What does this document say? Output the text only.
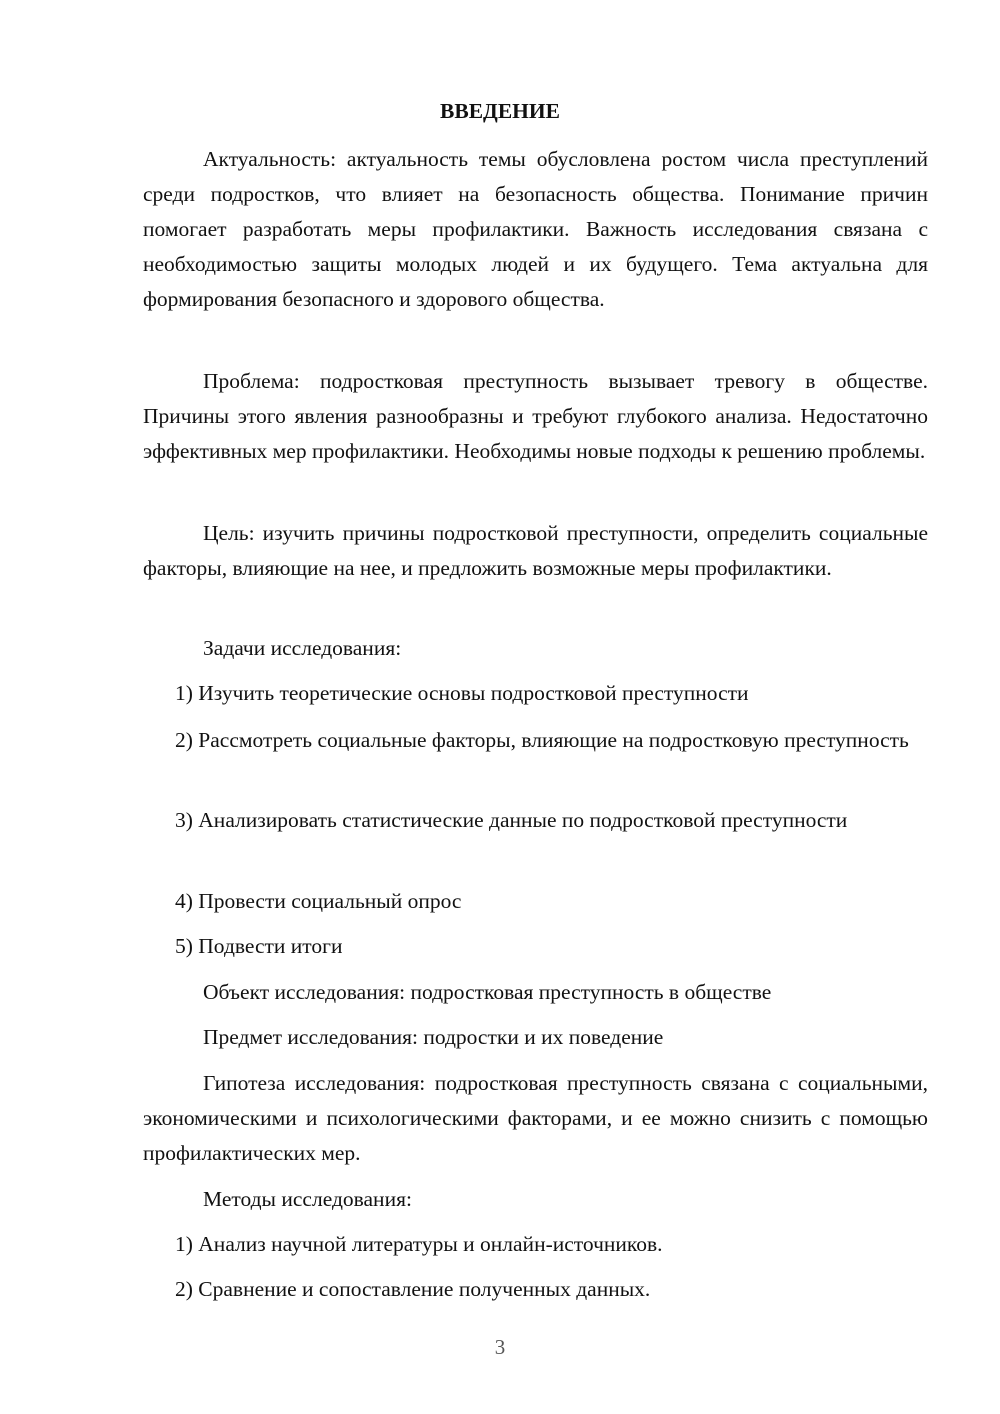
ВВЕДЕНИЕ

Актуальность: актуальность темы обусловлена ростом числа преступлений среди подростков, что влияет на безопасность общества. Понимание причин помогает разработать меры профилактики. Важность исследования связана с необходимостью защиты молодых людей и их будущего. Тема актуальна для формирования безопасного и здорового общества.

Проблема: подростковая преступность вызывает тревогу в обществе. Причины этого явления разнообразны и требуют глубокого анализа. Недостаточно эффективных мер профилактики. Необходимы новые подходы к решению проблемы.

Цель: изучить причины подростковой преступности, определить социальные факторы, влияющие на нее, и предложить возможные меры профилактики.

Задачи исследования:

1) Изучить теоретические основы подростковой преступности

2) Рассмотреть социальные факторы, влияющие на подростковую преступность

3) Анализировать статистические данные по подростковой преступности

4) Провести социальный опрос

5) Подвести итоги

Объект исследования: подростковая преступность в обществе

Предмет исследования: подростки и их поведение

Гипотеза исследования: подростковая преступность связана с социальными, экономическими и психологическими факторами, и ее можно снизить с помощью профилактических мер.

Методы исследования:

1) Анализ научной литературы и онлайн-источников.

2) Сравнение и сопоставление полученных данных.

3
